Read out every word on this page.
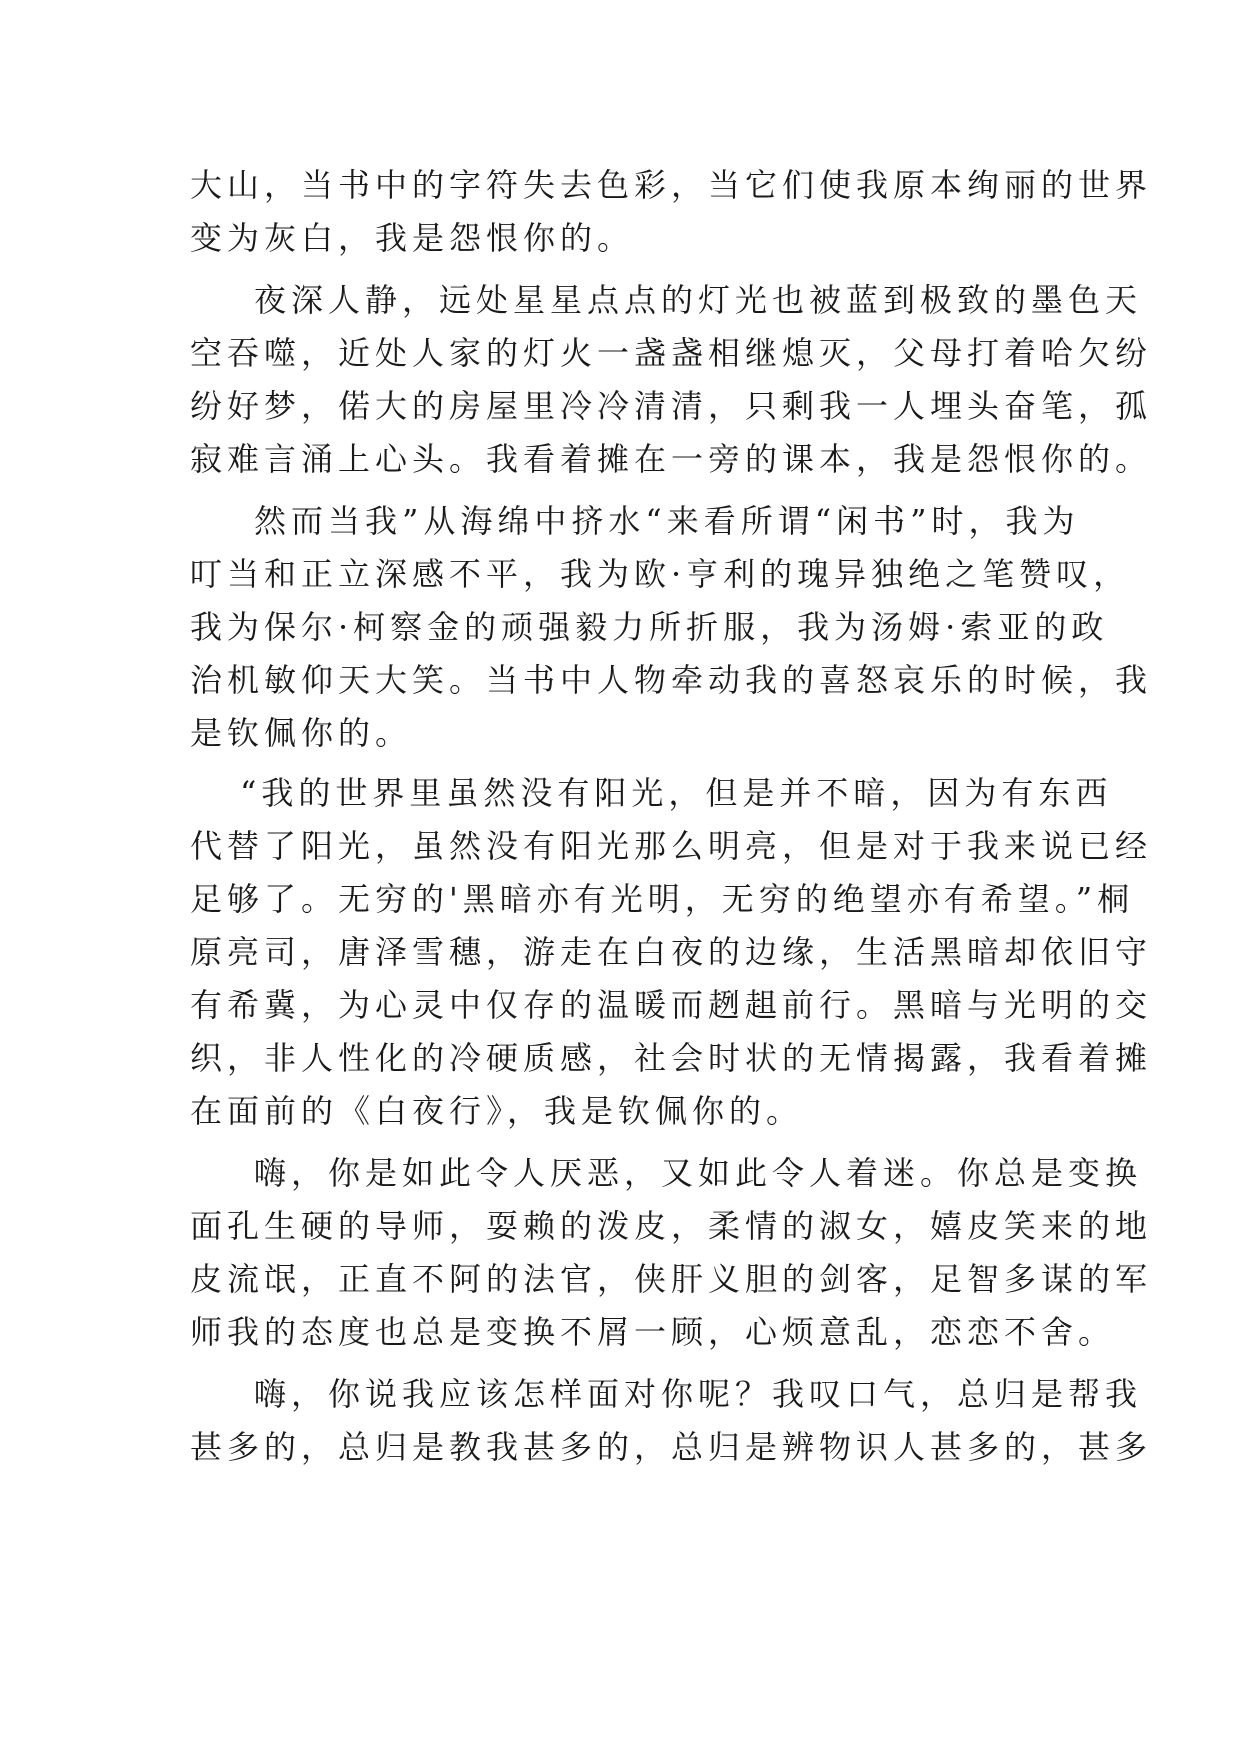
大山，当书中的字符失去色彩，当它们使我原本绚丽的世界
变为灰白，我是怨恨你的。
夜深人静，远处星星点点的灯光也被蓝到极致的墨色天
空吞噬，近处人家的灯火一盏盏相继熄灭，父母打着哈欠纷
纷好梦，偌大的房屋里冷冷清清，只剩我一人埋头奋笔，孤
寂难言涌上心头。我看着摊在一旁的课本，我是怨恨你的。
然而当我”从海绵中挤水“来看所谓“闲书”时，我为
叮当和正立深感不平，我为欧·亨利的瑰异独绝之笔赞叹，
我为保尔·柯察金的顽强毅力所折服，我为汤姆·索亚的政
治机敏仰天大笑。当书中人物牵动我的喜怒哀乐的时候，我
是钦佩你的。
“我的世界里虽然没有阳光，但是并不暗，因为有东西
代替了阳光，虽然没有阳光那么明亮，但是对于我来说已经
足够了。无穷的'黑暗亦有光明，无穷的绝望亦有希望。”桐
原亮司，唐泽雪穗，游走在白夜的边缘，生活黑暗却依旧守
有希冀，为心灵中仅存的温暖而趔趄前行。黑暗与光明的交
织，非人性化的冷硬质感，社会时状的无情揭露，我看着摊
在面前的《白夜行》，我是钦佩你的。
嗨，你是如此令人厌恶，又如此令人着迷。你总是变换
面孔生硬的导师，耍赖的泼皮，柔情的淑女，嬉皮笑来的地
皮流氓，正直不阿的法官，侠肝义胆的剑客，足智多谋的军
师我的态度也总是变换不屑一顾，心烦意乱，恋恋不舍。
嗨，你说我应该怎样面对你呢？我叹口气，总归是帮我
甚多的，总归是教我甚多的，总归是辨物识人甚多的，甚多
